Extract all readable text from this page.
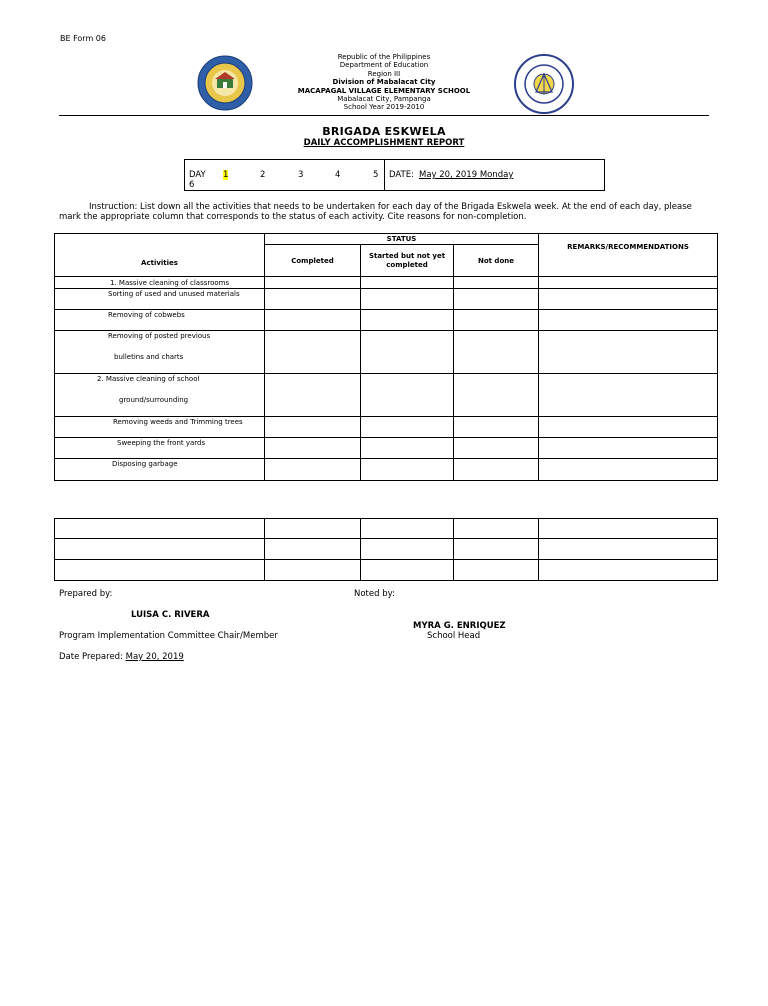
BE Form 06
Republic of the Philippines
Department of Education
Region III
Division of Mabalacat City
MACAPAGAL VILLAGE ELEMENTARY SCHOOL
Mabalacat City, Pampanga
School Year 2019-2010
BRIGADA ESKWELA
DAILY ACCOMPLISHMENT REPORT
DAY 1	2	3	4	5
6
DATE: May 20, 2019 Monday
Instruction: List down all the activities that needs to be undertaken for each day of the Brigada Eskwela week. At the end of each day, please mark the appropriate column that corresponds to the status of each activity. Cite reasons for non-completion.
Activities	STATUS			REMARKS/RECOMMENDATIONS
	Completed	Started but not yet completed	Not done	
1. Massive cleaning of classrooms				
Sorting of used and unused materials				
Removing of cobwebs				

Removing of posted previous
bulletins and charts				

2. Massive cleaning of school
ground/surrounding				

Removing weeds and Trimming trees				
Sweeping the front yards				
Disposing garbage				

Prepared by:
LUISA C. RIVERA
Program Implementation Committee Chair/Member
Date Prepared: May 20, 2019
Noted by:
MYRA G. ENRIQUEZ
School Head
